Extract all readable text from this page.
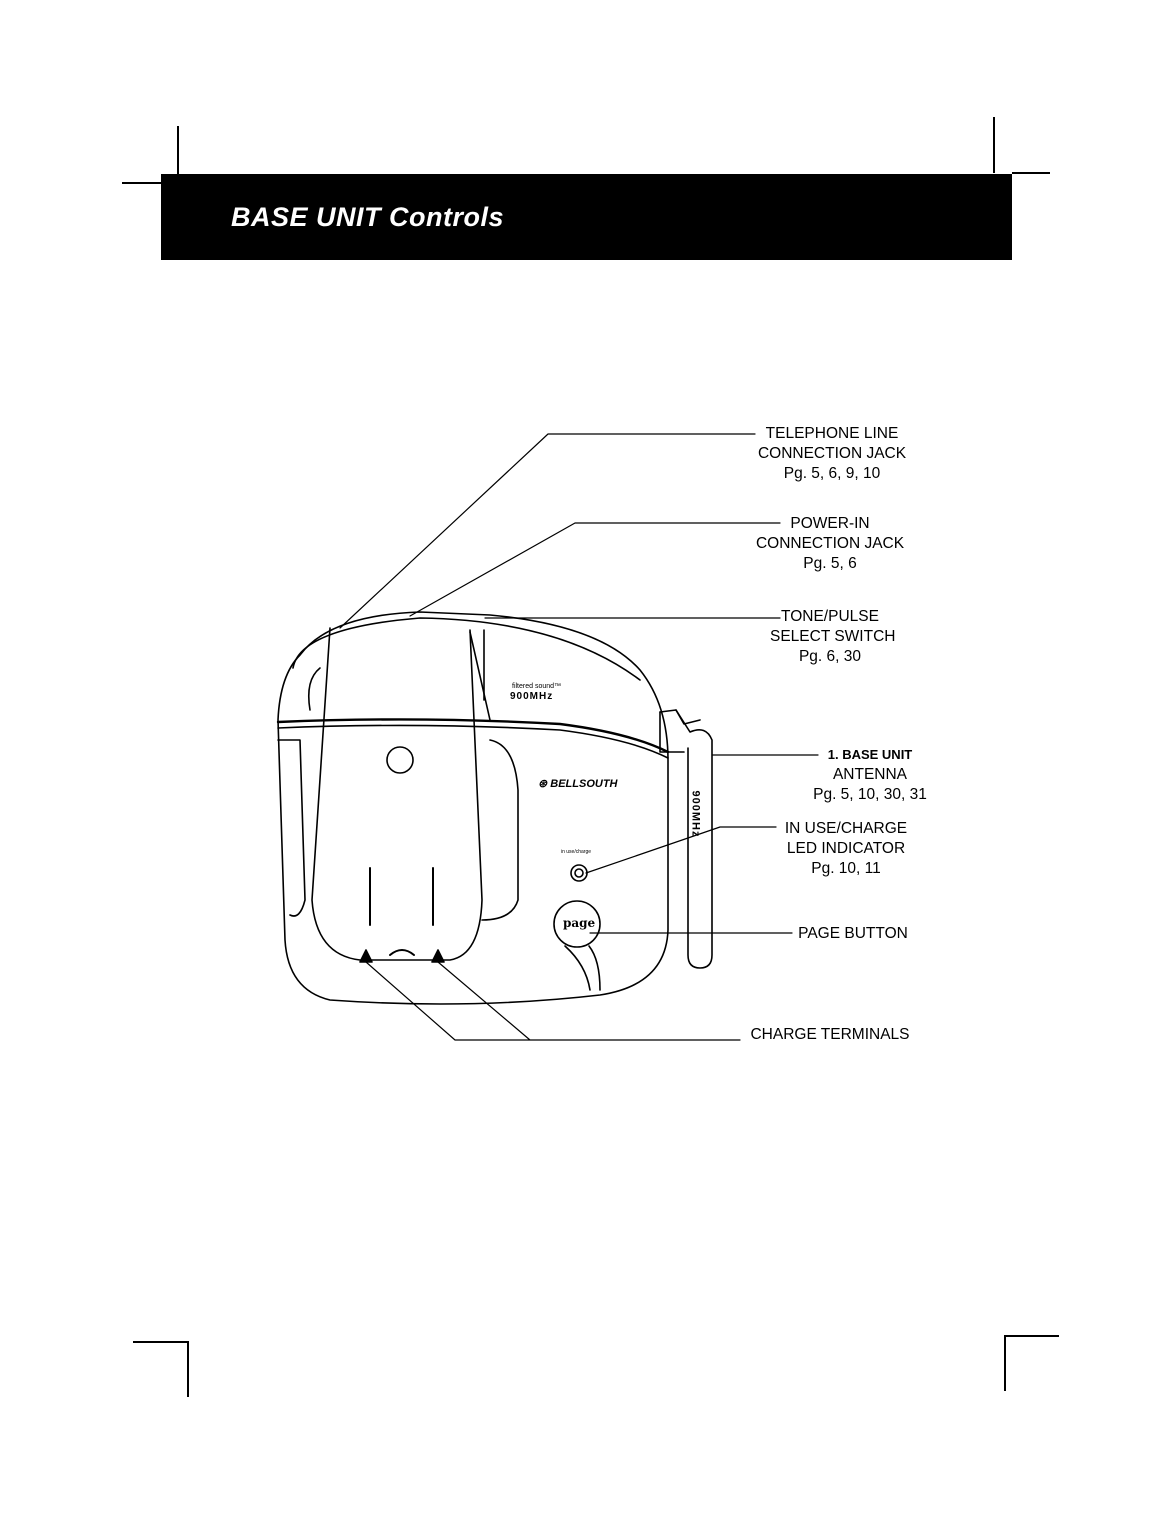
BASE UNIT Controls
filtered sound™
900MHz
⊛ BELLSOUTH
in use/charge
page
900MHz
TELEPHONE LINE
CONNECTION JACK
Pg. 5, 6, 9, 10
POWER-IN
CONNECTION JACK
Pg. 5, 6
TONE/PULSE
SELECT SWITCH
Pg. 6, 30
1. BASE UNIT
ANTENNA
Pg. 5, 10, 30, 31
IN USE/CHARGE
LED INDICATOR
Pg. 10, 11
PAGE BUTTON
CHARGE TERMINALS
